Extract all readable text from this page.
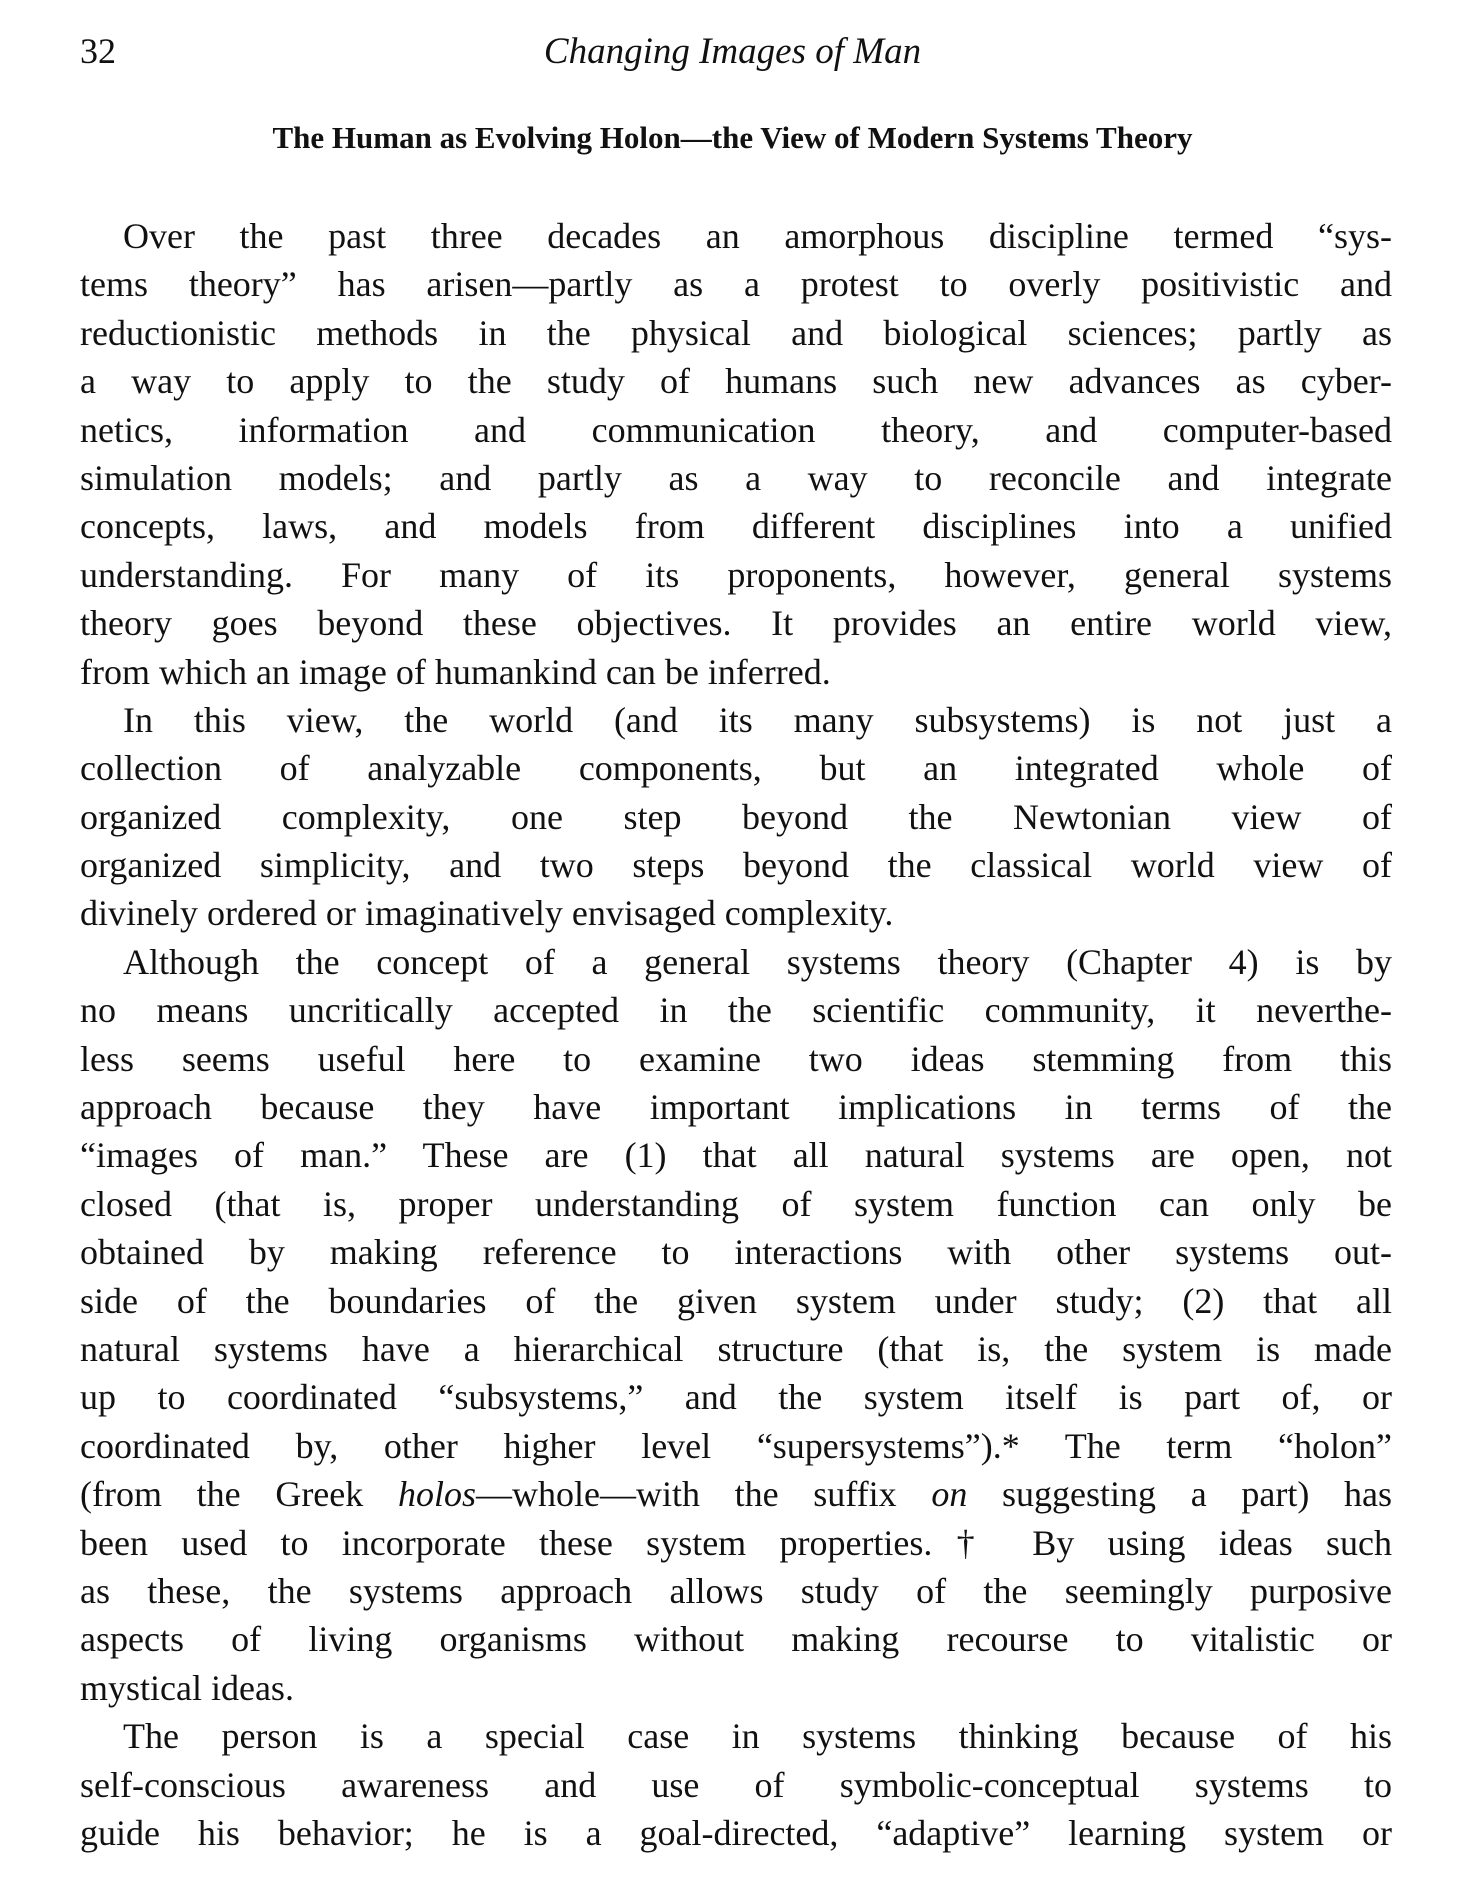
32	Changing Images of Man
The Human as Evolving Holon—the View of Modern Systems Theory
Over the past three decades an amorphous discipline termed “sys-
tems theory” has arisen—partly as a protest to overly positivistic and
reductionistic methods in the physical and biological sciences; partly as
a way to apply to the study of humans such new advances as cyber-
netics, information and communication theory, and computer-based
simulation models; and partly as a way to reconcile and integrate
concepts, laws, and models from different disciplines into a unified
understanding. For many of its proponents, however, general systems
theory goes beyond these objectives. It provides an entire world view,
from which an image of humankind can be inferred.
In this view, the world (and its many subsystems) is not just a
collection of analyzable components, but an integrated whole of
organized complexity, one step beyond the Newtonian view of
organized simplicity, and two steps beyond the classical world view of
divinely ordered or imaginatively envisaged complexity.
Although the concept of a general systems theory (Chapter 4) is by
no means uncritically accepted in the scientific community, it neverthe-
less seems useful here to examine two ideas stemming from this
approach because they have important implications in terms of the
“images of man.” These are (1) that all natural systems are open, not
closed (that is, proper understanding of system function can only be
obtained by making reference to interactions with other systems out-
side of the boundaries of the given system under study; (2) that all
natural systems have a hierarchical structure (that is, the system is made
up to coordinated “subsystems,” and the system itself is part of, or
coordinated by, other higher level “supersystems”).* The term “holon”
(from the Greek holos—whole—with the suffix on suggesting a part) has
been used to incorporate these system properties.† By using ideas such
as these, the systems approach allows study of the seemingly purposive
aspects of living organisms without making recourse to vitalistic or
mystical ideas.
The person is a special case in systems thinking because of his
self-conscious awareness and use of symbolic-conceptual systems to
guide his behavior; he is a goal-directed, “adaptive” learning system or
